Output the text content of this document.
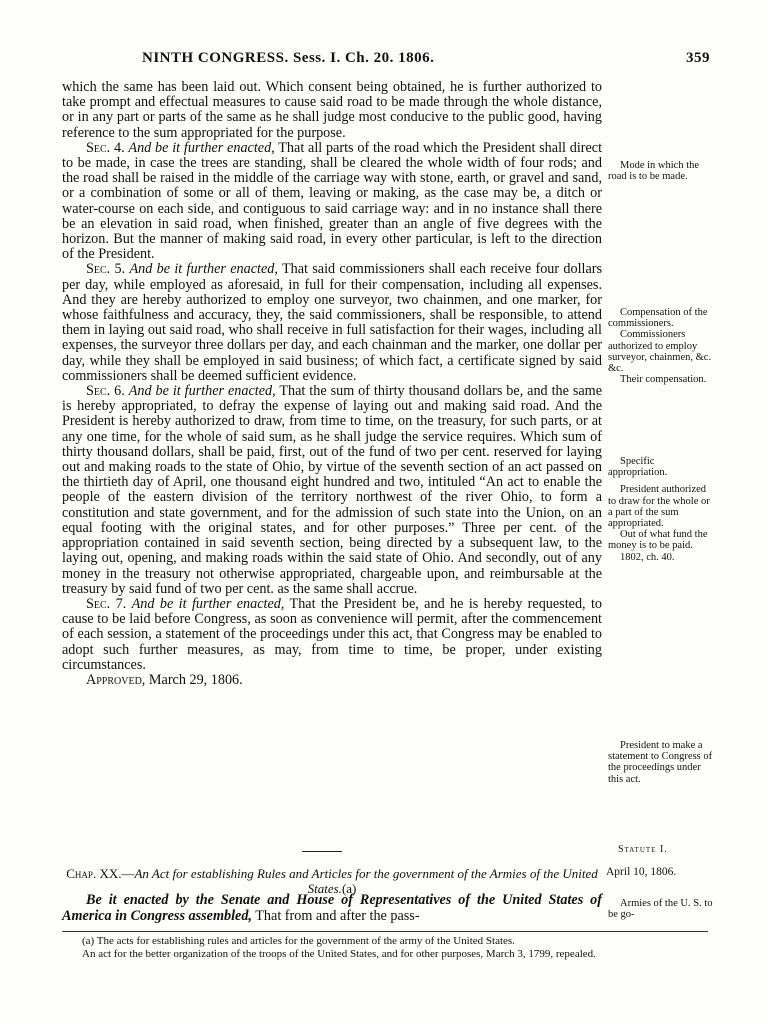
NINTH CONGRESS. Sess. I. Ch. 20. 1806.	359

which the same has been laid out. Which consent being obtained, he is further authorized to take prompt and effectual measures to cause said road to be made through the whole distance, or in any part or parts of the same as he shall judge most conducive to the public good, having reference to the sum appropriated for the purpose.

Sec. 4. And be it further enacted, That all parts of the road which the President shall direct to be made, in case the trees are standing, shall be cleared the whole width of four rods; and the road shall be raised in the middle of the carriage way with stone, earth, or gravel and sand, or a combination of some or all of them, leaving or making, as the case may be, a ditch or water-course on each side, and contiguous to said carriage way: and in no instance shall there be an elevation in said road, when finished, greater than an angle of five degrees with the horizon. But the manner of making said road, in every other particular, is left to the direction of the President.

Sec. 5. And be it further enacted, That said commissioners shall each receive four dollars per day, while employed as aforesaid, in full for their compensation, including all expenses. And they are hereby authorized to employ one surveyor, two chainmen, and one marker, for whose faithfulness and accuracy, they, the said commissioners, shall be responsible, to attend them in laying out said road, who shall receive in full satisfaction for their wages, including all expenses, the surveyor three dollars per day, and each chainman and the marker, one dollar per day, while they shall be employed in said business; of which fact, a certificate signed by said commissioners shall be deemed sufficient evidence.

Sec. 6. And be it further enacted, That the sum of thirty thousand dollars be, and the same is hereby appropriated, to defray the expense of laying out and making said road. And the President is hereby authorized to draw, from time to time, on the treasury, for such parts, or at any one time, for the whole of said sum, as he shall judge the service requires. Which sum of thirty thousand dollars, shall be paid, first, out of the fund of two per cent. reserved for laying out and making roads to the state of Ohio, by virtue of the seventh section of an act passed on the thirtieth day of April, one thousand eight hundred and two, intituled “An act to enable the people of the eastern division of the territory northwest of the river Ohio, to form a constitution and state government, and for the admission of such state into the Union, on an equal footing with the original states, and for other purposes.” Three per cent. of the appropriation contained in said seventh section, being directed by a subsequent law, to the laying out, opening, and making roads within the said state of Ohio. And secondly, out of any money in the treasury not otherwise appropriated, chargeable upon, and reimbursable at the treasury by said fund of two per cent. as the same shall accrue.

Sec. 7. And be it further enacted, That the President be, and he is hereby requested, to cause to be laid before Congress, as soon as convenience will permit, after the commencement of each session, a statement of the proceedings under this act, that Congress may be enabled to adopt such further measures, as may, from time to time, be proper, under existing circumstances.

Approved, March 29, 1806.

Mode in which the road is to be made.
Compensation of the commissioners.
Commissioners authorized to employ surveyor, chainmen, &c. &c.
Their compensation.
Specific appropriation.
President authorized to draw for the whole or a part of the sum appropriated.
Out of what fund the money is to be paid.
1802, ch. 40.
President to make a statement to Congress of the proceedings under this act.
Statute I.
Chap. XX.—An Act for establishing Rules and Articles for the government of the Armies of the United States.(a)
April 10, 1806.
Be it enacted by the Senate and House of Representatives of the United States of America in Congress assembled, That from and after the pass-
Armies of the U. S. to be go-

(a) The acts for establishing rules and articles for the government of the army of the United States.

An act for the better organization of the troops of the United States, and for other purposes, March 3, 1799, repealed.
